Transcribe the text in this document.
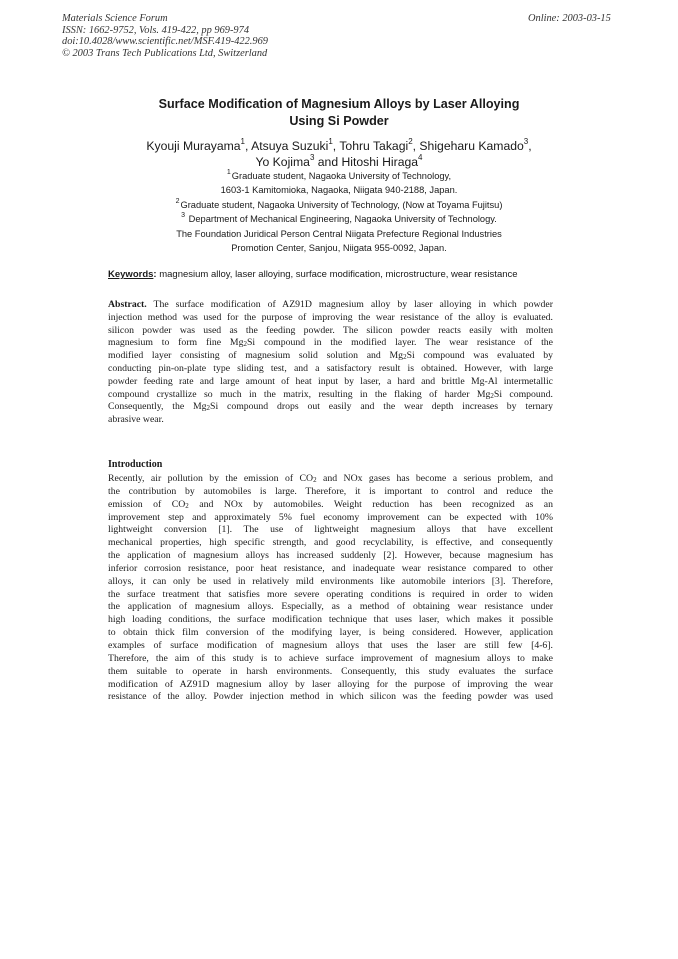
Materials Science Forum
ISSN: 1662-9752, Vols. 419-422, pp 969-974
doi:10.4028/www.scientific.net/MSF.419-422.969
© 2003 Trans Tech Publications Ltd, Switzerland
Online: 2003-03-15
Surface Modification of Magnesium Alloys by Laser Alloying
Using Si Powder
Kyouji Murayama$^1$, Atsuya Suzuki$^1$, Tohru Takagi$^2$, Shigeharu Kamado$^3$,
Yo Kojima$^3$ and Hitoshi Hiraga$^4$
$^1$Graduate student, Nagaoka University of Technology,
1603-1 Kamitomioka, Nagaoka, Niigata 940-2188, Japan.
$^2$Graduate student, Nagaoka University of Technology, (Now at Toyama Fujitsu)
$^3$ Department of Mechanical Engineering, Nagaoka University of Technology.
The Foundation Juridical Person Central Niigata Prefecture Regional Industries
Promotion Center, Sanjou, Niigata 955-0092, Japan.
Keywords: magnesium alloy, laser alloying, surface modification, microstructure, wear resistance
Abstract. The surface modification of AZ91D magnesium alloy by laser alloying in which powder
injection method was used for the purpose of improving the wear resistance of the alloy is evaluated.
silicon powder was used as the feeding powder. The silicon powder reacts easily with molten
magnesium to form fine $Mg_2Si$ compound in the modified layer. The wear resistance of the
modified layer consisting of magnesium solid solution and $Mg_2Si$ compound was evaluated by
conducting pin-on-plate type sliding test, and a satisfactory result is obtained. However, with large
powder feeding rate and large amount of heat input by laser, a hard and brittle Mg-Al intermetallic
compound crystallize so much in the matrix, resulting in the flaking of harder $Mg_2Si$ compound.
Consequently, the $Mg_2Si$ compound drops out easily and the wear depth increases by ternary
abrasive wear.
Introduction
Recently, air pollution by the emission of $CO_2$ and NOx gases has become a serious problem, and
the contribution by automobiles is large. Therefore, it is important to control and reduce the
emission of $CO_2$ and NOx by automobiles. Weight reduction has been recognized as an
improvement step and approximately 5% fuel economy improvement can be expected with 10%
lightweight conversion [1]. The use of lightweight magnesium alloys that have excellent
mechanical properties, high specific strength, and good recyclability, is effective, and consequently
the application of magnesium alloys has increased suddenly [2]. However, because magnesium has
inferior corrosion resistance, poor heat resistance, and inadequate wear resistance compared to other
alloys, it can only be used in relatively mild environments like automobile interiors [3]. Therefore,
the surface treatment that satisfies more severe operating conditions is required in order to widen
the application of magnesium alloys. Especially, as a method of obtaining wear resistance under
high loading conditions, the surface modification technique that uses laser, which makes it possible
to obtain thick film conversion of the modifying layer, is being considered. However, application
examples of surface modification of magnesium alloys that uses the laser are still few [4-6].
Therefore, the aim of this study is to achieve surface improvement of magnesium alloys to make
them suitable to operate in harsh environments. Consequently, this study evaluates the surface
modification of AZ91D magnesium alloy by laser alloying for the purpose of improving the wear
resistance of the alloy. Powder injection method in which silicon was the feeding powder was used
